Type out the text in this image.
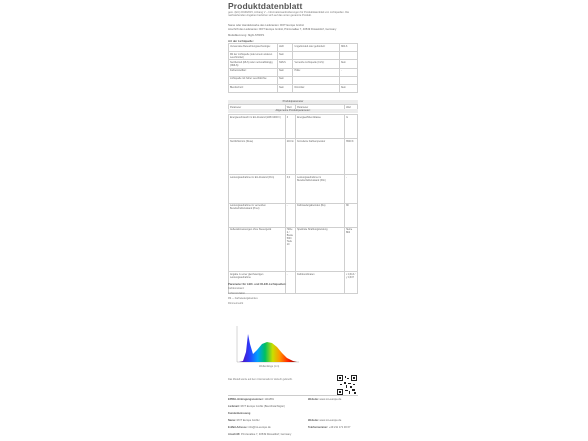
Produktdatenblatt
gem. (EU) 2019/2015, Anhang V – Informationsanforderungen für Produktdatenblatt von Lichtquellen. Die nachstehenden Angaben beziehen sich auf das unten genannte Produkt.
Name oder Handelsmarke des Lieferanten: ROT Europe GmbH
Anschrift des Lieferanten: ROT Europe GmbH, Prinzenallee 7, 40549 Düsseldorf, Germany
Modellkennung: Night-STRIP1
Art der Lichtquelle:
Verwendete Beleuchtungstechnologie:	LED	Ungebündelt oder gebündelt:	NDLS
Mit der Lichtquelle (oder einem anderen Leuchtmittel)	Nein		
Netzbetrieb (MLS) oder netzunabhängig (NMLS):	NMLS	Vernetzte Lichtquelle (CLS):	Nein
Farbeinstellbar:	Nein	Hülle:	-
Lichtquelle mit hoher Leuchtdichte:	Nein		
Blendschutz:	Nein	Dimmbar:	Nein
Produktparameter
Parameter	Wert	Parameter	Wert
Allgemeine Produktparameter:
Energieverbrauch im Ein-Zustand (kWh/1000 h)	3	Energieeffizienzklasse	G
Nutzlichtstrom (Φuse)	216 lm	Korrelierte Farbtemperatur	6500 K
Leistungsaufnahme im Ein-Zustand (Pon)	3,0	Leistungsaufnahme im Bereitschaftszustand (Psb)	-
Leistungsaufnahme im vernetzten Bereitschaftszustand (Pnet)	-	Farbwiedergabeindex (Ra)	80
Außenabmessungen ohne Steuergerät	Höhe 2 / Breite 500 / Tiefe 10	Spektrale Strahlungsleistung	Siehe Bild
Angabe zu einer gleichwertigen Leistungsaufnahme	-	Farbkoordinaten	x 0,313 / y 0,337
Parameter für LED- und OLED-Lichtquellen:
Farbkonsistenz
Lichtstromfaktor
R9 — Farbwiedergabeindex
Flimmermetrik
Wellenlänge (nm)
Das Modell wurde auf dem Unionsmarkt in Verkehr gebracht.
EPREL-Eintragungsnummer: 1111881	Website: www.rot-europe.de
Lieferant: ROT Europe GmbH (Bevollmächtigter)
Kundenbetreuung
Name: ROT Europe GmbH	Website: www.rot-europe.de
E-Mail-Adresse: info@rot-europe.de	Telefonnummer: +49 211 171 30 67
Anschrift: Prinzenallee 7, 40549 Düsseldorf, Germany
